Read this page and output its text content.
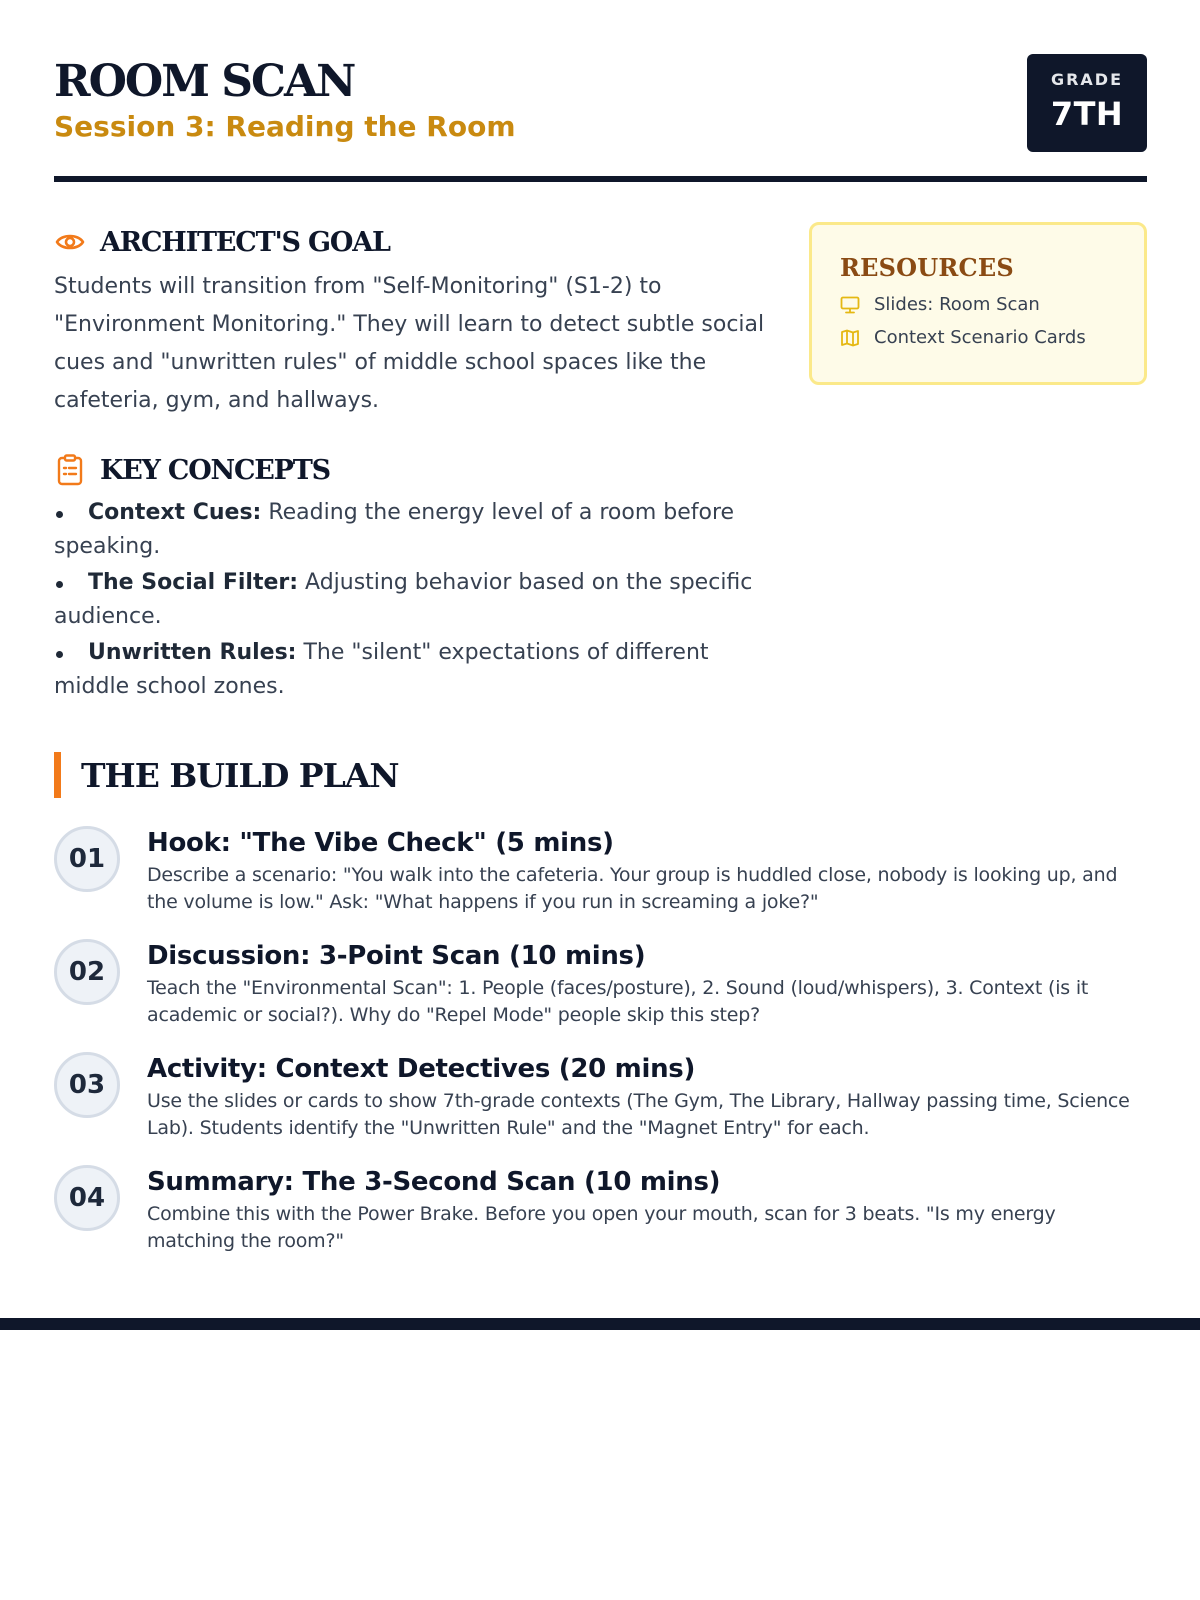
ROOM SCAN
Session 3: Reading the Room
GRADE
7TH
ARCHITECT'S GOAL

Students will transition from "Self-Monitoring" (S1-2) to "Environment Monitoring." They will learn to detect subtle social cues and "unwritten rules" of middle school spaces like the cafeteria, gym, and hallways.

KEY CONCEPTS
Context Cues: Reading the energy level of a room before speaking.
The Social Filter: Adjusting behavior based on the specific audience.
Unwritten Rules: The "silent" expectations of different middle school zones.
RESOURCES
Slides: Room Scan
Context Scenario Cards
THE BUILD PLAN
01
Hook: "The Vibe Check" (5 mins)
Describe a scenario: "You walk into the cafeteria. Your group is huddled close, nobody is looking up, and the volume is low." Ask: "What happens if you run in screaming a joke?"
02
Discussion: 3-Point Scan (10 mins)
Teach the "Environmental Scan": 1. People (faces/posture), 2. Sound (loud/whispers), 3. Context (is it academic or social?). Why do "Repel Mode" people skip this step?
03
Activity: Context Detectives (20 mins)
Use the slides or cards to show 7th-grade contexts (The Gym, The Library, Hallway passing time, Science Lab). Students identify the "Unwritten Rule" and the "Magnet Entry" for each.
04
Summary: The 3-Second Scan (10 mins)
Combine this with the Power Brake. Before you open your mouth, scan for 3 beats. "Is my energy matching the room?"
